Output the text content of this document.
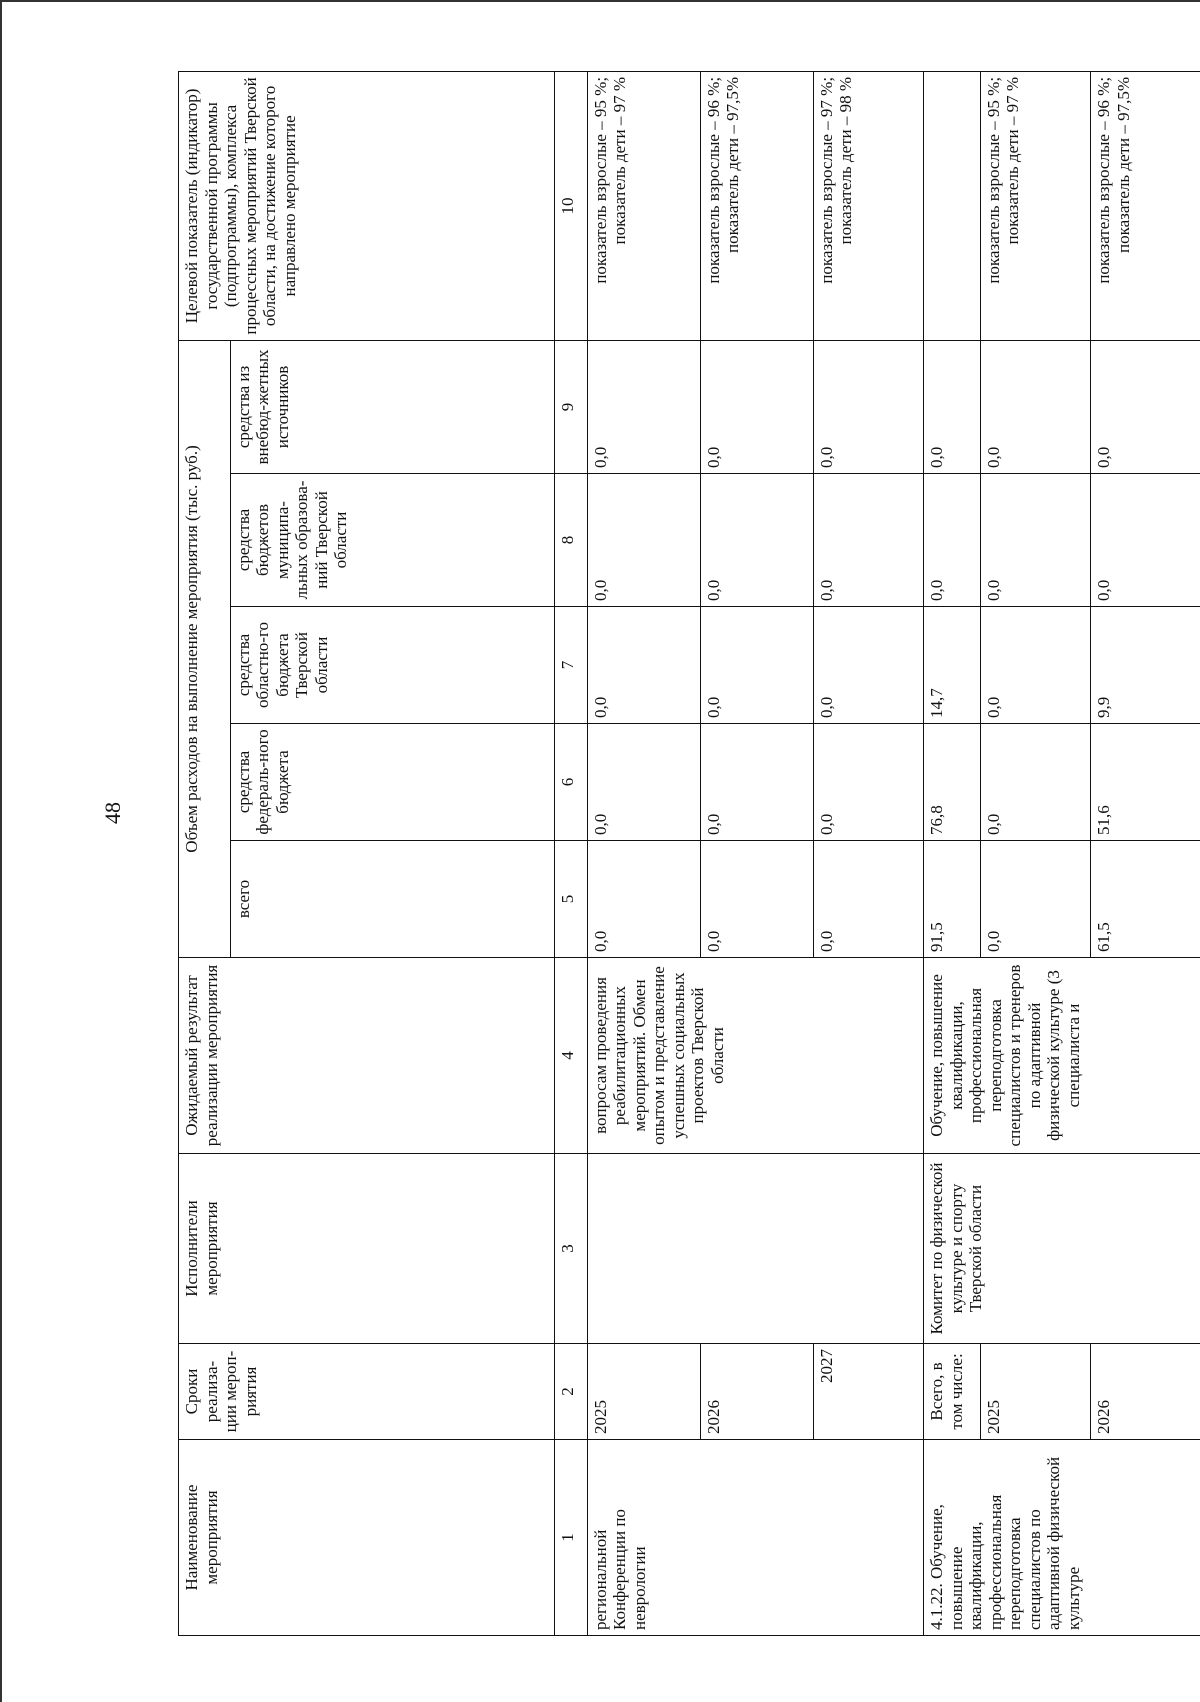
48
Наименование мероприятия	Сроки реализа-ции мероп-риятия	Исполнители мероприятия	Ожидаемый результат реализации мероприятия	Объем расходов на выполнение мероприятия (тыс. руб.)					Целевой показатель (индикатор) государственной программы (подпрограммы), комплекса процессных мероприятий Тверской области, на достижение которого направлено мероприятие
				всего	средства федераль-ного бюджета	средства областно-го бюджета Тверской области	средства бюджетов муниципа-льных образова-ний Тверской области	средства из внебюд-жетных источников	
1	2	3	4	5	6	7	8	9	10
региональной Конференции по неврологии	2025		вопросам проведения реабилитационных мероприятий. Обмен опытом и представление успешных социальных проектов Тверской области	0,0	0,0	0,0	0,0	0,0	показатель взрослые – 95 %; показатель дети – 97 %
	2026			0,0	0,0	0,0	0,0	0,0	показатель взрослые – 96 %; показатель дети – 97,5%
	2027			0,0	0,0	0,0	0,0	0,0	показатель взрослые – 97 %; показатель дети – 98 %
4.1.22. Обучение, повышение квалификации, профессиональная переподготовка специалистов по адаптивной физической культуре	Всего, в том числе:	Комитет по физической культуре и спорту Тверской области	Обучение, повышение квалификации, профессиональная переподготовка специалистов и тренеров по адаптивной физической культуре (3 специалиста и	91,5	76,8	14,7	0,0	0,0	
	2025			0,0	0,0	0,0	0,0	0,0	показатель взрослые – 95 %; показатель дети – 97 %
	2026			61,5	51,6	9,9	0,0	0,0	показатель взрослые – 96 %; показатель дети – 97,5%
